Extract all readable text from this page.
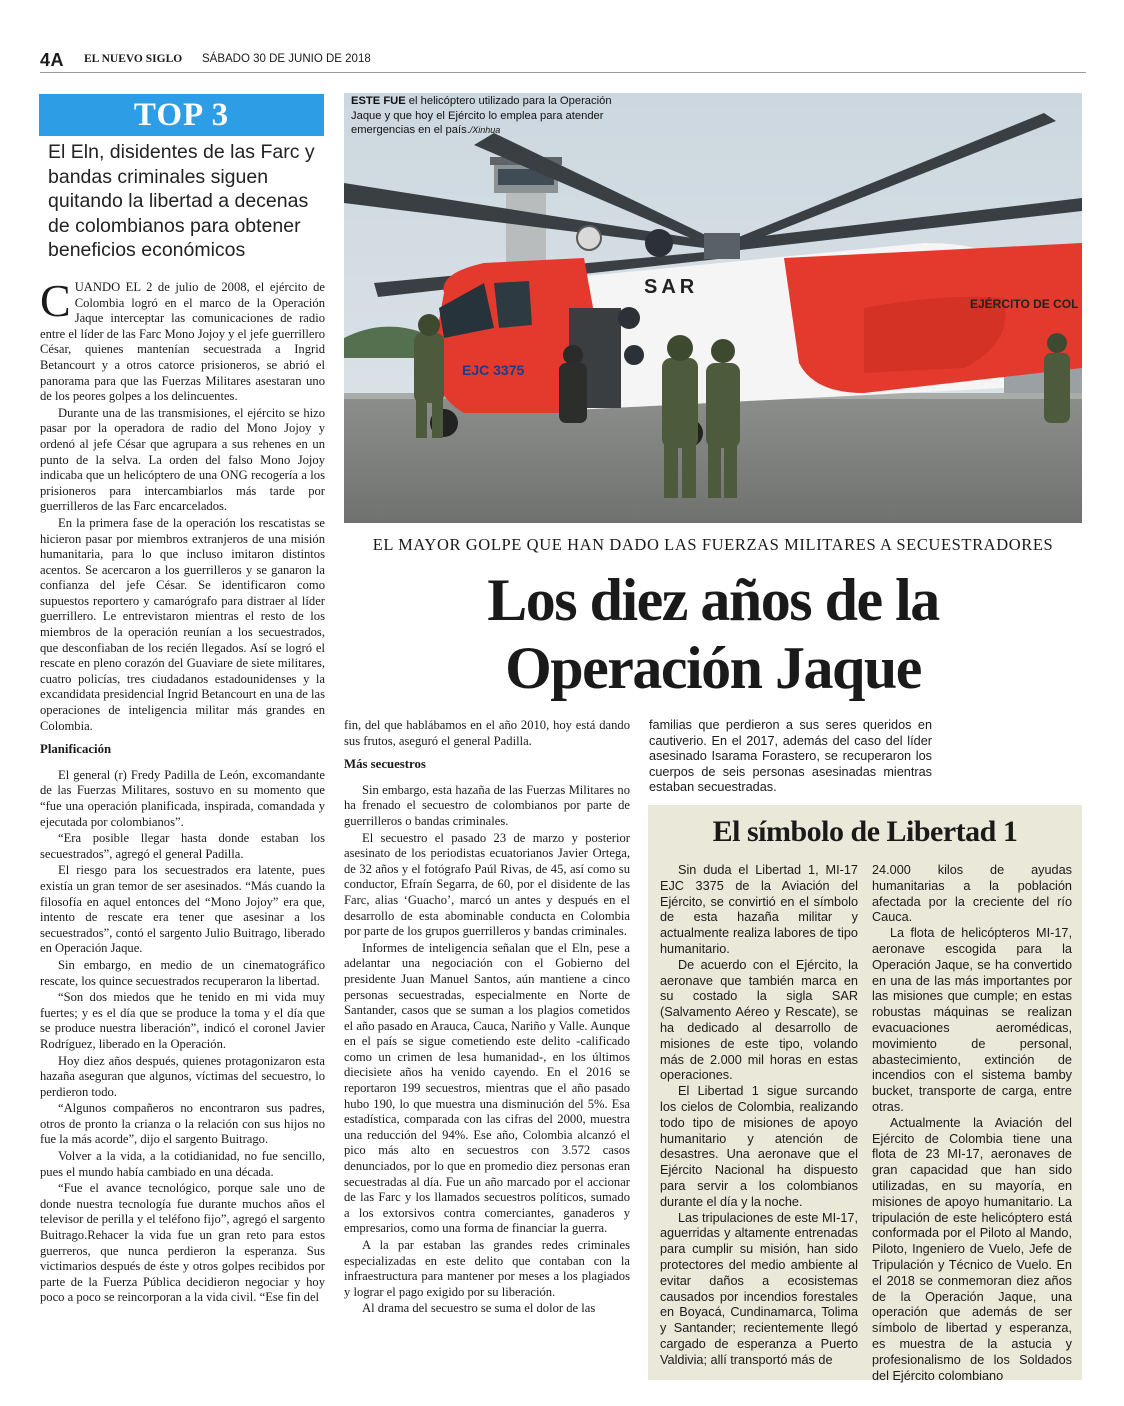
4A EL NUEVO SIGLO SÁBADO 30 DE JUNIO DE 2018
TOP 3
El Eln, disidentes de las Farc y bandas criminales siguen quitando la libertad a decenas de colombianos para obtener beneficios económicos

CUANDO EL 2 de julio de 2008, el ejército de Colombia logró en el marco de la Operación Jaque interceptar las comunicaciones de radio entre el líder de las Farc Mono Jojoy y el jefe guerrillero César, quienes mantenían secuestrada a Ingrid Betancourt y a otros catorce prisioneros, se abrió el panorama para que las Fuerzas Militares asestaran uno de los peores golpes a los delincuentes.

Durante una de las transmisiones, el ejército se hizo pasar por la operadora de radio del Mono Jojoy y ordenó al jefe César que agrupara a sus rehenes en un punto de la selva. La orden del falso Mono Jojoy indicaba que un helicóptero de una ONG recogería a los prisioneros para intercambiarlos más tarde por guerrilleros de las Farc encarcelados.

En la primera fase de la operación los rescatistas se hicieron pasar por miembros extranjeros de una misión humanitaria, para lo que incluso imitaron distintos acentos. Se acercaron a los guerrilleros y se ganaron la confianza del jefe César. Se identificaron como supuestos reportero y camarógrafo para distraer al líder guerrillero. Le entrevistaron mientras el resto de los miembros de la operación reunían a los secuestrados, que desconfiaban de los recién llegados. Así se logró el rescate en pleno corazón del Guaviare de siete militares, cuatro policías, tres ciudadanos estadounidenses y la excandidata presidencial Ingrid Betancourt en una de las operaciones de inteligencia militar más grandes en Colombia.

Planificación

El general (r) Fredy Padilla de León, excomandante de las Fuerzas Militares, sostuvo en su momento que “fue una operación planificada, inspirada, comandada y ejecutada por colombianos”.

“Era posible llegar hasta donde estaban los secuestrados”, agregó el general Padilla.

El riesgo para los secuestrados era latente, pues existía un gran temor de ser asesinados. “Más cuando la filosofía en aquel entonces del “Mono Jojoy” era que, intento de rescate era tener que asesinar a los secuestrados”, contó el sargento Julio Buitrago, liberado en Operación Jaque.

Sin embargo, en medio de un cinematográfico rescate, los quince secuestrados recuperaron la libertad.

“Son dos miedos que he tenido en mi vida muy fuertes; y es el día que se produce la toma y el día que se produce nuestra liberación”, indicó el coronel Javier Rodríguez, liberado en la Operación.

Hoy diez años después, quienes protagonizaron esta hazaña aseguran que algunos, víctimas del secuestro, lo perdieron todo.

“Algunos compañeros no encontraron sus padres, otros de pronto la crianza o la relación con sus hijos no fue la más acorde”, dijo el sargento Buitrago.

Volver a la vida, a la cotidianidad, no fue sencillo, pues el mundo había cambiado en una década.

“Fue el avance tecnológico, porque sale uno de donde nuestra tecnología fue durante muchos años el televisor de perilla y el teléfono fijo”, agregó el sargento Buitrago.Rehacer la vida fue un gran reto para estos guerreros, que nunca perdieron la esperanza. Sus victimarios después de éste y otros golpes recibidos por parte de la Fuerza Pública decidieron negociar y hoy poco a poco se reincorporan a la vida civil. “Ese fin del

EJC 3375
SAR
EJÉRCITO DE COL
ESTE FUE el helicóptero utilizado para la Operación Jaque y que hoy el Ejército lo emplea para atender emergencias en el país./Xinhua
EL MAYOR GOLPE QUE HAN DADO LAS FUERZAS MILITARES A SECUESTRADORES
Los diez años de la
Operación Jaque

fin, del que hablábamos en el año 2010, hoy está dando sus frutos, aseguró el general Padilla.

Más secuestros

Sin embargo, esta hazaña de las Fuerzas Militares no ha frenado el secuestro de colombianos por parte de guerrilleros o bandas criminales.

El secuestro el pasado 23 de marzo y posterior asesinato de los periodistas ecuatorianos Javier Ortega, de 32 años y el fotógrafo Paúl Rivas, de 45, así como su conductor, Efraín Segarra, de 60, por el disidente de las Farc, alias ‘Guacho’, marcó un antes y después en el desarrollo de esta abominable conducta en Colombia por parte de los grupos guerrilleros y bandas criminales.

Informes de inteligencia señalan que el Eln, pese a adelantar una negociación con el Gobierno del presidente Juan Manuel Santos, aún mantiene a cinco personas secuestradas, especialmente en Norte de Santander, casos que se suman a los plagios cometidos el año pasado en Arauca, Cauca, Nariño y Valle. Aunque en el país se sigue cometiendo este delito -calificado como un crimen de lesa humanidad-, en los últimos diecisiete años ha venido cayendo. En el 2016 se reportaron 199 secuestros, mientras que el año pasado hubo 190, lo que muestra una disminución del 5%. Esa estadística, comparada con las cifras del 2000, muestra una reducción del 94%. Ese año, Colombia alcanzó el pico más alto en secuestros con 3.572 casos denunciados, por lo que en promedio diez personas eran secuestradas al día. Fue un año marcado por el accionar de las Farc y los llamados secuestros políticos, sumado a los extorsivos contra comerciantes, ganaderos y empresarios, como una forma de financiar la guerra.

A la par estaban las grandes redes criminales especializadas en este delito que contaban con la infraestructura para mantener por meses a los plagiados y lograr el pago exigido por su liberación.

Al drama del secuestro se suma el dolor de las

familias que perdieron a sus seres queridos en cautiverio. En el 2017, además del caso del líder asesinado Isarama Forastero, se recuperaron los cuerpos de seis personas asesinadas mientras estaban secuestradas.

El símbolo de Libertad 1

Sin duda el Libertad 1, MI-17 EJC 3375 de la Aviación del Ejército, se convirtió en el símbolo de esta hazaña militar y actualmente realiza labores de tipo humanitario.

De acuerdo con el Ejército, la aeronave que también marca en su costado la sigla SAR (Salvamento Aéreo y Rescate), se ha dedicado al desarrollo de misiones de este tipo, volando más de 2.000 mil horas en estas operaciones.

El Libertad 1 sigue surcando los cielos de Colombia, realizando todo tipo de misiones de apoyo humanitario y atención de desastres. Una aeronave que el Ejército Nacional ha dispuesto para servir a los colombianos durante el día y la noche.

Las tripulaciones de este MI-17, aguerridas y altamente entrenadas para cumplir su misión, han sido protectores del medio ambiente al evitar daños a ecosistemas causados por incendios forestales en Boyacá, Cundinamarca, Tolima y Santander; recientemente llegó cargado de esperanza a Puerto Valdivia; allí transportó más de

24.000 kilos de ayudas humanitarias a la población afectada por la creciente del río Cauca.

La flota de helicópteros MI-17, aeronave escogida para la Operación Jaque, se ha convertido en una de las más importantes por las misiones que cumple; en estas robustas máquinas se realizan evacuaciones aeromédicas, movimiento de personal, abastecimiento, extinción de incendios con el sistema bamby bucket, transporte de carga, entre otras.

Actualmente la Aviación del Ejército de Colombia tiene una flota de 23 MI-17, aeronaves de gran capacidad que han sido utilizadas, en su mayoría, en misiones de apoyo humanitario. La tripulación de este helicóptero está conformada por el Piloto al Mando, Piloto, Ingeniero de Vuelo, Jefe de Tripulación y Técnico de Vuelo. En el 2018 se conmemoran diez años de la Operación Jaque, una operación que además de ser símbolo de libertad y esperanza, es muestra de la astucia y profesionalismo de los Soldados del Ejército colombiano
